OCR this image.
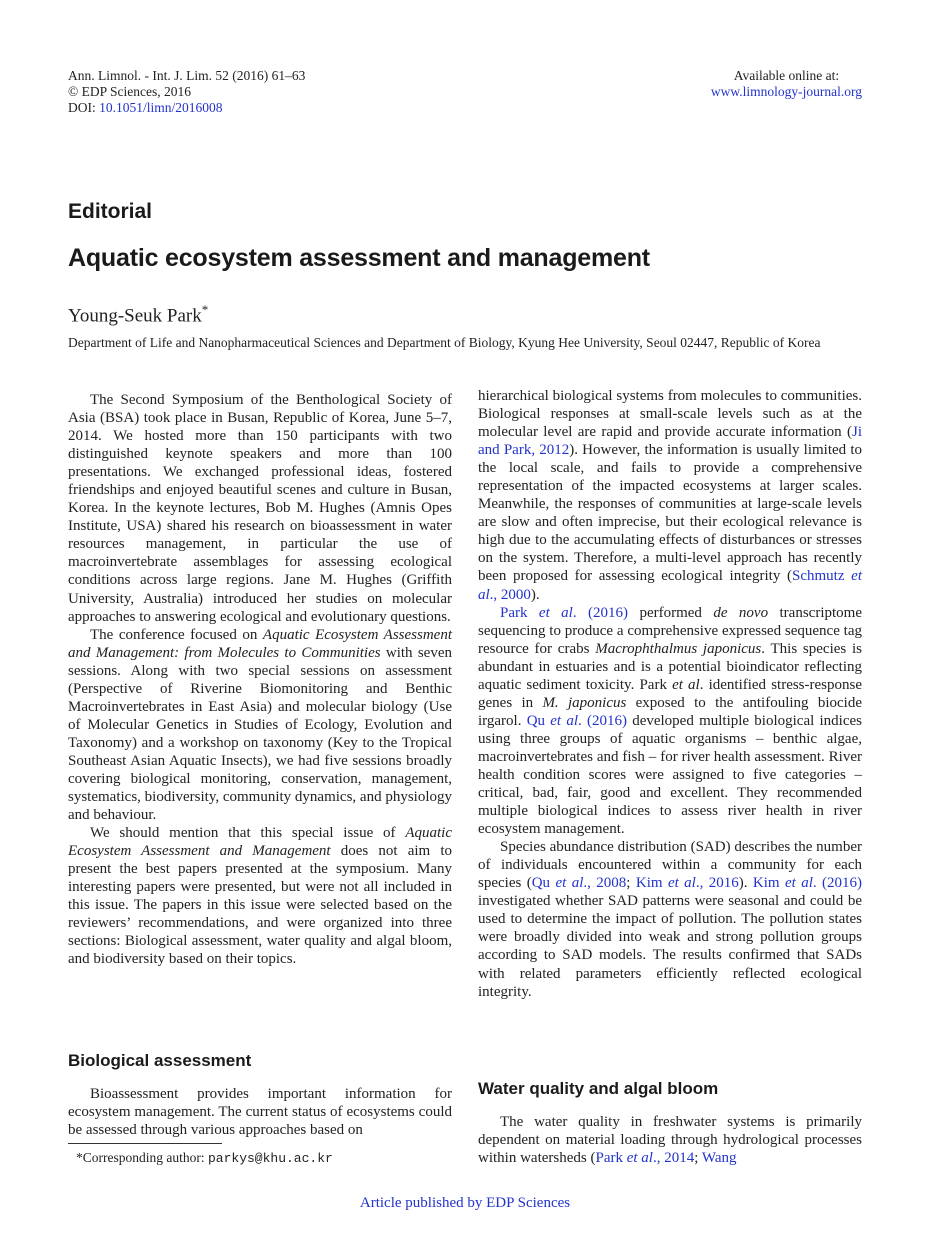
Ann. Limnol. - Int. J. Lim. 52 (2016) 61–63
© EDP Sciences, 2016
DOI: 10.1051/limn/2016008
Available online at:
www.limnology-journal.org
Editorial
Aquatic ecosystem assessment and management
Young-Seuk Park*
Department of Life and Nanopharmaceutical Sciences and Department of Biology, Kyung Hee University, Seoul 02447, Republic of Korea

The Second Symposium of the Benthological Society of Asia (BSA) took place in Busan, Republic of Korea, June 5–7, 2014. We hosted more than 150 participants with two distinguished keynote speakers and more than 100 presentations. We exchanged professional ideas, fostered friendships and enjoyed beautiful scenes and culture in Busan, Korea. In the keynote lectures, Bob M. Hughes (Amnis Opes Institute, USA) shared his research on bioassessment in water resources management, in particular the use of macroinvertebrate assemblages for assessing ecological conditions across large regions. Jane M. Hughes (Griffith University, Australia) introduced her studies on molecular approaches to answering ecological and evolutionary questions.

The conference focused on Aquatic Ecosystem Assessment and Management: from Molecules to Communities with seven sessions. Along with two special sessions on assessment (Perspective of Riverine Biomonitoring and Benthic Macroinvertebrates in East Asia) and molecular biology (Use of Molecular Genetics in Studies of Ecology, Evolution and Taxonomy) and a workshop on taxonomy (Key to the Tropical Southeast Asian Aquatic Insects), we had five sessions broadly covering biological monitoring, conservation, management, systematics, biodiversity, community dynamics, and physiology and behaviour.

We should mention that this special issue of Aquatic Ecosystem Assessment and Management does not aim to present the best papers presented at the symposium. Many interesting papers were presented, but were not all included in this issue. The papers in this issue were selected based on the reviewers’ recommendations, and were organized into three sections: Biological assessment, water quality and algal bloom, and biodiversity based on their topics.

Biological assessment

Bioassessment provides important information for ecosystem management. The current status of ecosystems could be assessed through various approaches based on

*Corresponding author: parkys@khu.ac.kr

hierarchical biological systems from molecules to communities. Biological responses at small-scale levels such as at the molecular level are rapid and provide accurate information (Ji and Park, 2012). However, the information is usually limited to the local scale, and fails to provide a comprehensive representation of the impacted ecosystems at larger scales. Meanwhile, the responses of communities at large-scale levels are slow and often imprecise, but their ecological relevance is high due to the accumulating effects of disturbances or stresses on the system. Therefore, a multi-level approach has recently been proposed for assessing ecological integrity (Schmutz et al., 2000).

Park et al. (2016) performed de novo transcriptome sequencing to produce a comprehensive expressed sequence tag resource for crabs Macrophthalmus japonicus. This species is abundant in estuaries and is a potential bioindicator reflecting aquatic sediment toxicity. Park et al. identified stress-response genes in M. japonicus exposed to the antifouling biocide irgarol. Qu et al. (2016) developed multiple biological indices using three groups of aquatic organisms – benthic algae, macroinvertebrates and fish – for river health assessment. River health condition scores were assigned to five categories – critical, bad, fair, good and excellent. They recommended multiple biological indices to assess river health in river ecosystem management.

Species abundance distribution (SAD) describes the number of individuals encountered within a community for each species (Qu et al., 2008; Kim et al., 2016). Kim et al. (2016) investigated whether SAD patterns were seasonal and could be used to determine the impact of pollution. The pollution states were broadly divided into weak and strong pollution groups according to SAD models. The results confirmed that SADs with related parameters efficiently reflected ecological integrity.

Water quality and algal bloom

The water quality in freshwater systems is primarily dependent on material loading through hydrological processes within watersheds (Park et al., 2014; Wang

Article published by EDP Sciences
